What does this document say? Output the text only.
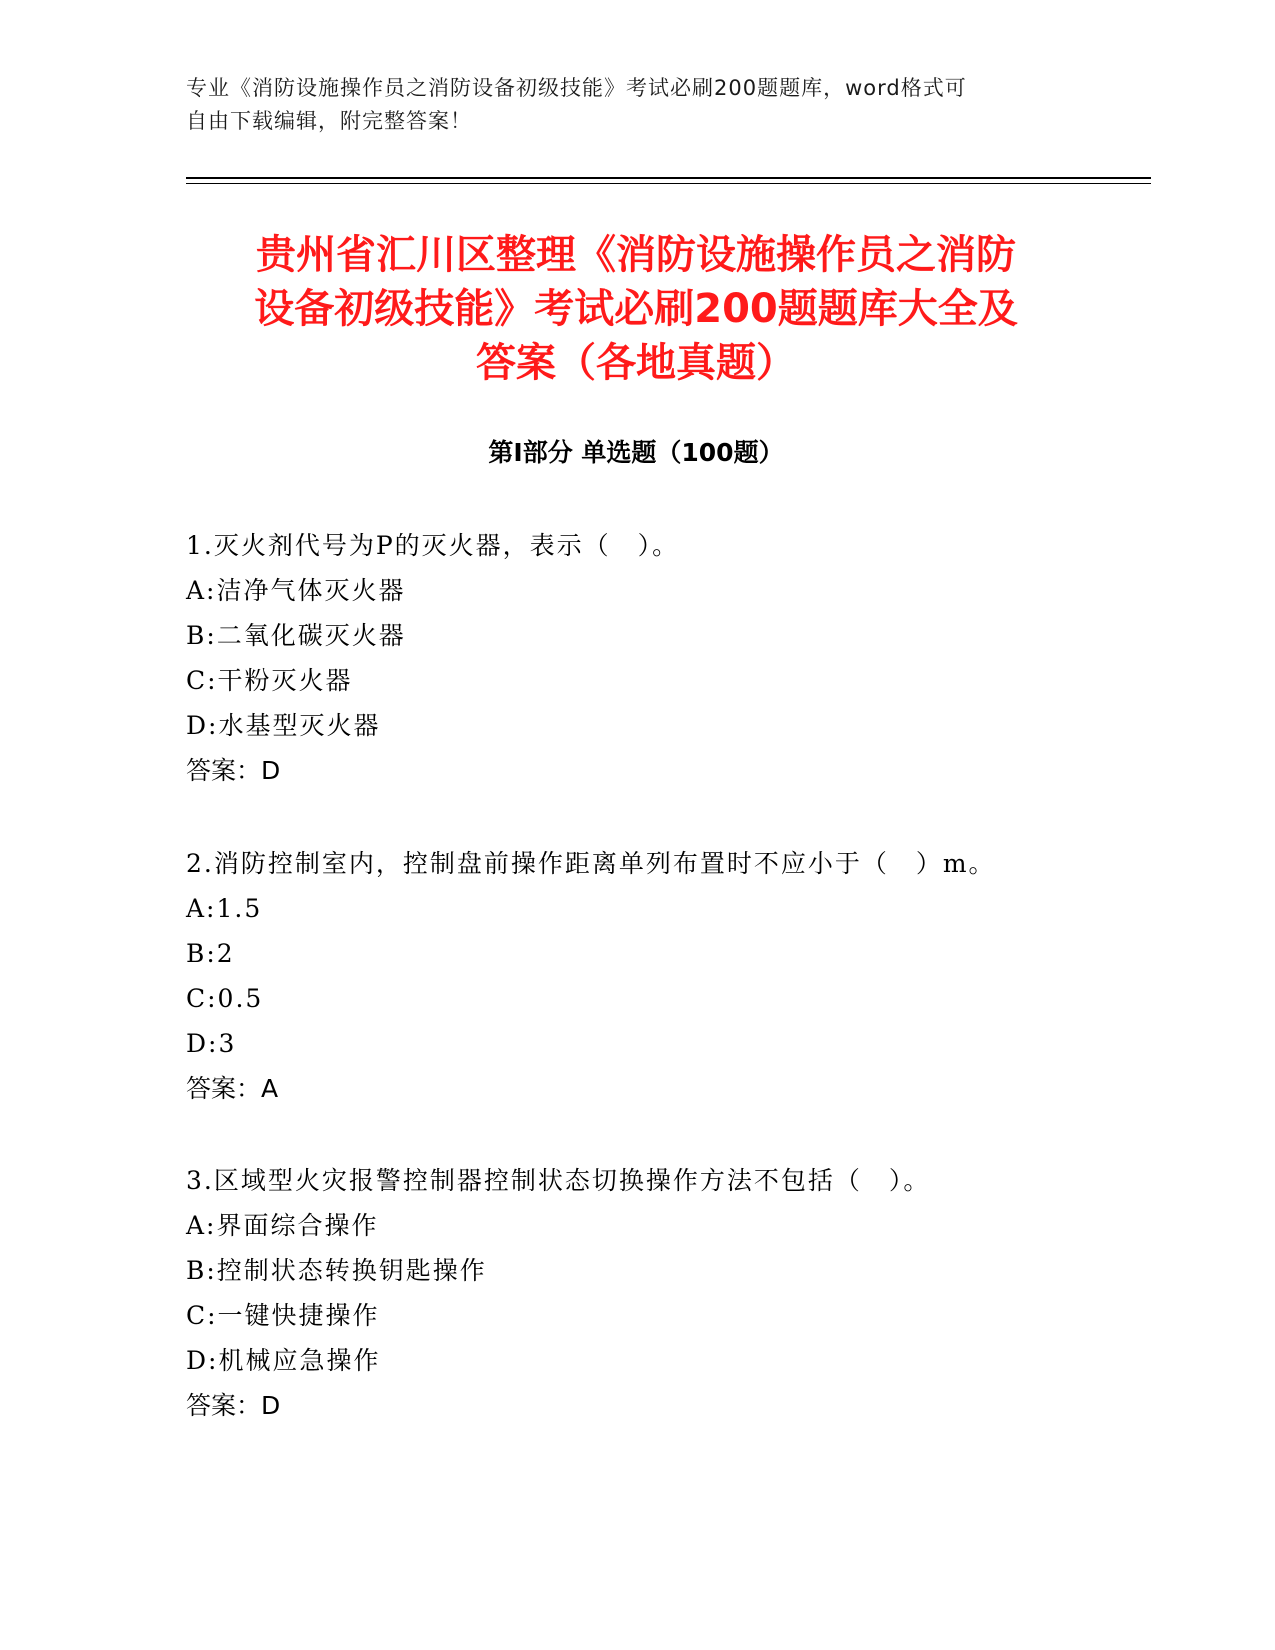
专业《消防设施操作员之消防设备初级技能》考试必刷200题题库，word格式可
自由下载编辑，附完整答案！
贵州省汇川区整理《消防设施操作员之消防
设备初级技能》考试必刷200题题库大全及
答案（各地真题）
第I部分 单选题（100题）
1.灭火剂代号为P的灭火器，表示（　）。
A:洁净气体灭火器
B:二氧化碳灭火器
C:干粉灭火器
D:水基型灭火器
答案：D
2.消防控制室内，控制盘前操作距离单列布置时不应小于（　）m。
A:1.5
B:2
C:0.5
D:3
答案：A
3.区域型火灾报警控制器控制状态切换操作方法不包括（　）。
A:界面综合操作
B:控制状态转换钥匙操作
C:一键快捷操作
D:机械应急操作
答案：D
